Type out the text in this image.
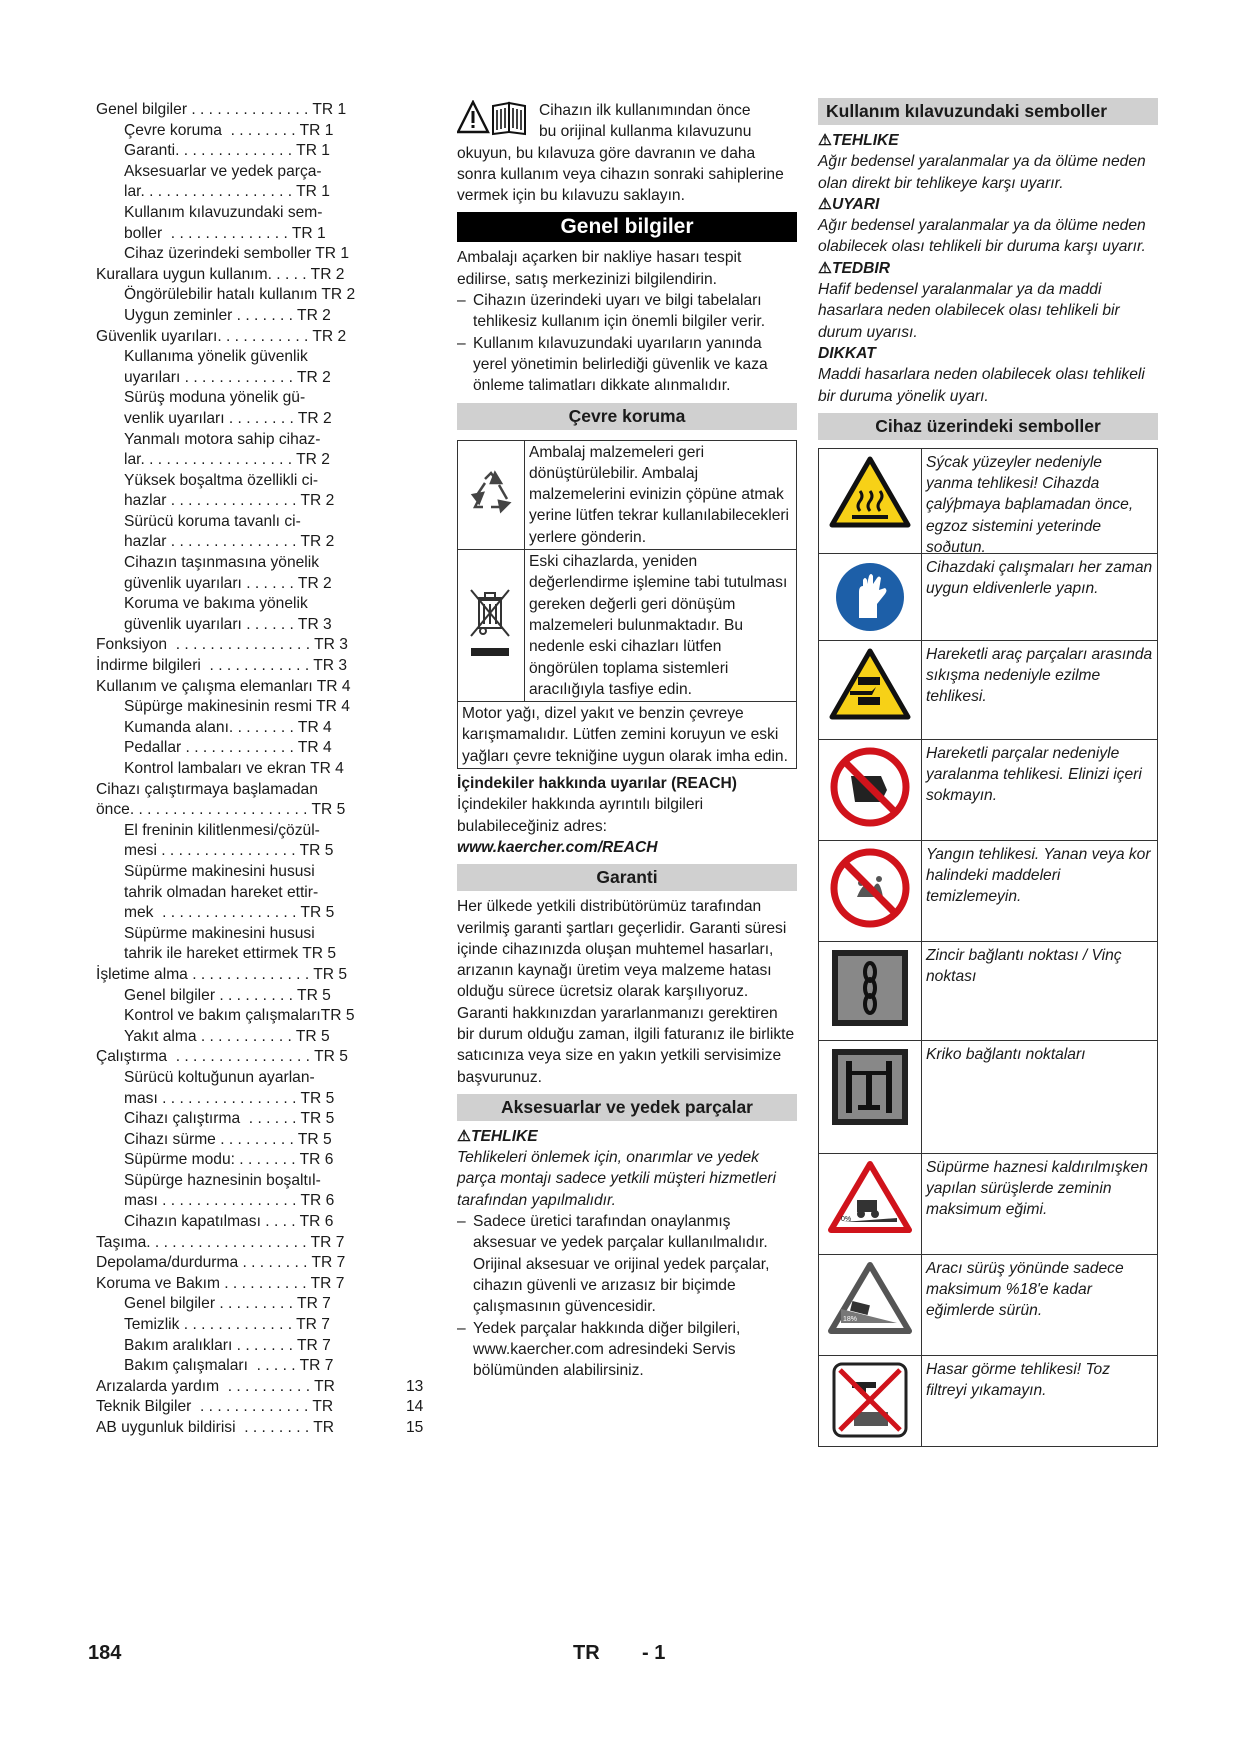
Genel bilgiler . . . . . . . . . . . . . . TR 1
Çevre koruma  . . . . . . . . TR 1
Garanti. . . . . . . . . . . . . . TR 1
Aksesuarlar ve yedek parça-
lar. . . . . . . . . . . . . . . . . . TR 1
Kullanım kılavuzundaki sem-
boller  . . . . . . . . . . . . . . TR 1
Cihaz üzerindeki semboller TR 1
Kurallara uygun kullanım. . . . . TR 2
Öngörülebilir hatalı kullanım TR 2
Uygun zeminler . . . . . . . TR 2
Güvenlik uyarıları. . . . . . . . . . . TR 2
Kullanıma yönelik güvenlik
uyarıları . . . . . . . . . . . . . TR 2
Sürüş moduna yönelik gü-
venlik uyarıları . . . . . . . . TR 2
Yanmalı motora sahip cihaz-
lar. . . . . . . . . . . . . . . . . . TR 2
Yüksek boşaltma özellikli ci-
hazlar . . . . . . . . . . . . . . . TR 2
Sürücü koruma tavanlı ci-
hazlar . . . . . . . . . . . . . . . TR 2
Cihazın taşınmasına yönelik
güvenlik uyarıları . . . . . . TR 2
Koruma ve bakıma yönelik
güvenlik uyarıları . . . . . . TR 3
Fonksiyon  . . . . . . . . . . . . . . . . TR 3
İndirme bilgileri  . . . . . . . . . . . . TR 3
Kullanım ve çalışma elemanları TR 4
Süpürge makinesinin resmi TR 4
Kumanda alanı. . . . . . . . TR 4
Pedallar . . . . . . . . . . . . . TR 4
Kontrol lambaları ve ekran TR 4
Cihazı çalıştırmaya başlamadan
önce. . . . . . . . . . . . . . . . . . . . . TR 5
El freninin kilitlenmesi/çözül-
mesi . . . . . . . . . . . . . . . . TR 5
Süpürme makinesini hususi
tahrik olmadan hareket ettir-
mek  . . . . . . . . . . . . . . . . TR 5
Süpürme makinesini hususi
tahrik ile hareket ettirmek TR 5
İşletime alma . . . . . . . . . . . . . . TR 5
Genel bilgiler . . . . . . . . . TR 5
Kontrol ve bakım çalışmalarıTR 5
Yakıt alma . . . . . . . . . . . TR 5
Çalıştırma  . . . . . . . . . . . . . . . . TR 5
Sürücü koltuğunun ayarlan-
ması . . . . . . . . . . . . . . . . TR 5
Cihazı çalıştırma  . . . . . . TR 5
Cihazı sürme . . . . . . . . . TR 5
Süpürme modu: . . . . . . . TR 6
Süpürge haznesinin boşaltıl-
ması . . . . . . . . . . . . . . . . TR 6
Cihazın kapatılması . . . . TR 6
Taşıma. . . . . . . . . . . . . . . . . . . TR 7
Depolama/durdurma . . . . . . . . TR 7
Koruma ve Bakım . . . . . . . . . . TR 7
Genel bilgiler . . . . . . . . . TR 7
Temizlik . . . . . . . . . . . . . TR 7
Bakım aralıkları . . . . . . . TR 7
Bakım çalışmaları  . . . . . TR 7
Arızalarda yardım  . . . . . . . . . . TR	13
Teknik Bilgiler  . . . . . . . . . . . . . TR	14
AB uygunluk bildirisi  . . . . . . . . TR	15

Cihazın ilk kullanımından önce

bu orijinal kullanma kılavuzunu

okuyun, bu kılavuza göre davranın ve daha sonra kullanım veya cihazın sonraki sahiplerine vermek için bu kılavuzu saklayın.

Genel bilgiler

Ambalajı açarken bir nakliye hasarı tespit edilirse, satış merkezinizi bilgilendirin.

– Cihazın üzerindeki uyarı ve bilgi tabelaları tehlikesiz kullanım için önemli bilgiler verir.
– Kullanım kılavuzundaki uyarıların yanında yerel yönetimin belirlediği güvenlik ve kaza önleme talimatları dikkate alınmalıdır.
Çevre koruma
Ambalaj malzemeleri geri dönüştürülebilir. Ambalaj malzemelerini evinizin çöpüne atmak yerine lütfen tekrar kullanılabilecekleri yerlere gönderin.
Eski cihazlarda, yeniden değerlendirme işlemine tabi tutulması gereken değerli geri dönüşüm malzemeleri bulunmaktadır. Bu nedenle eski cihazları lütfen öngörülen toplama sistemleri aracılığıyla tasfiye edin.
Motor yağı, dizel yakıt ve benzin çevreye karışmamalıdır. Lütfen zemini koruyun ve eski yağları çevre tekniğine uygun olarak imha edin.
İçindekiler hakkında uyarılar (REACH)

İçindekiler hakkında ayrıntılı bilgileri bulabileceğiniz adres:

www.kaercher.com/REACH

Garanti

Her ülkede yetkili distribütörümüz tarafından verilmiş garanti şartları geçerlidir. Garanti süresi içinde cihazınızda oluşan muhtemel hasarları, arızanın kaynağı üretim veya malzeme hatası olduğu sürece ücretsiz olarak karşılıyoruz. Garanti hakkınızdan yararlanmanızı gerektiren bir durum olduğu zaman, ilgili faturanız ile birlikte satıcınıza veya size en yakın yetkili servisimize başvurunuz.

Aksesuarlar ve yedek parçalar
⚠TEHLIKE

Tehlikeleri önlemek için, onarımlar ve yedek parça montajı sadece yetkili müşteri hizmetleri tarafından yapılmalıdır.

– Sadece üretici tarafından onaylanmış aksesuar ve yedek parçalar kullanılmalıdır. Orijinal aksesuar ve orijinal yedek parçalar, cihazın güvenli ve arızasız bir biçimde çalışmasının güvencesidir.
– Yedek parçalar hakkında diğer bilgileri, www.kaercher.com adresindeki Servis bölümünden alabilirsiniz.
Kullanım kılavuzundaki semboller
⚠TEHLIKE

Ağır bedensel yaralanmalar ya da ölüme neden olan direkt bir tehlikeye karşı uyarır.

⚠UYARI

Ağır bedensel yaralanmalar ya da ölüme neden olabilecek olası tehlikeli bir duruma karşı uyarır.

⚠TEDBIR

Hafif bedensel yaralanmalar ya da maddi hasarlara neden olabilecek olası tehlikeli bir durum uyarısı.

DIKKAT

Maddi hasarlara neden olabilecek olası tehlikeli bir duruma yönelik uyarı.

Cihaz üzerindeki semboller
Sýcak yüzeyler nedeniyle yanma tehlikesi! Cihazda çalýþmaya baþlamadan önce, egzoz sistemini yeterinde soðutun.
Cihazdaki çalışmaları her zaman uygun eldivenlerle yapın.
Hareketli araç parçaları arasında sıkışma nedeniyle ezilme tehlikesi.
Hareketli parçalar nedeniyle yaralanma tehlikesi. Elinizi içeri sokmayın.
Yangın tehlikesi. Yanan veya kor halindeki maddeleri temizlemeyin.
Zincir bağlantı noktası / Vinç noktası
Kriko bağlantı noktaları
0%
Süpürme haznesi kaldırılmışken yapılan sürüşlerde zeminin maksimum eğimi.
18%
Aracı sürüş yönünde sadece maksimum %18'e kadar eğimlerde sürün.
Hasar görme tehlikesi! Toz filtreyi yıkamayın.
184	TR - 1
